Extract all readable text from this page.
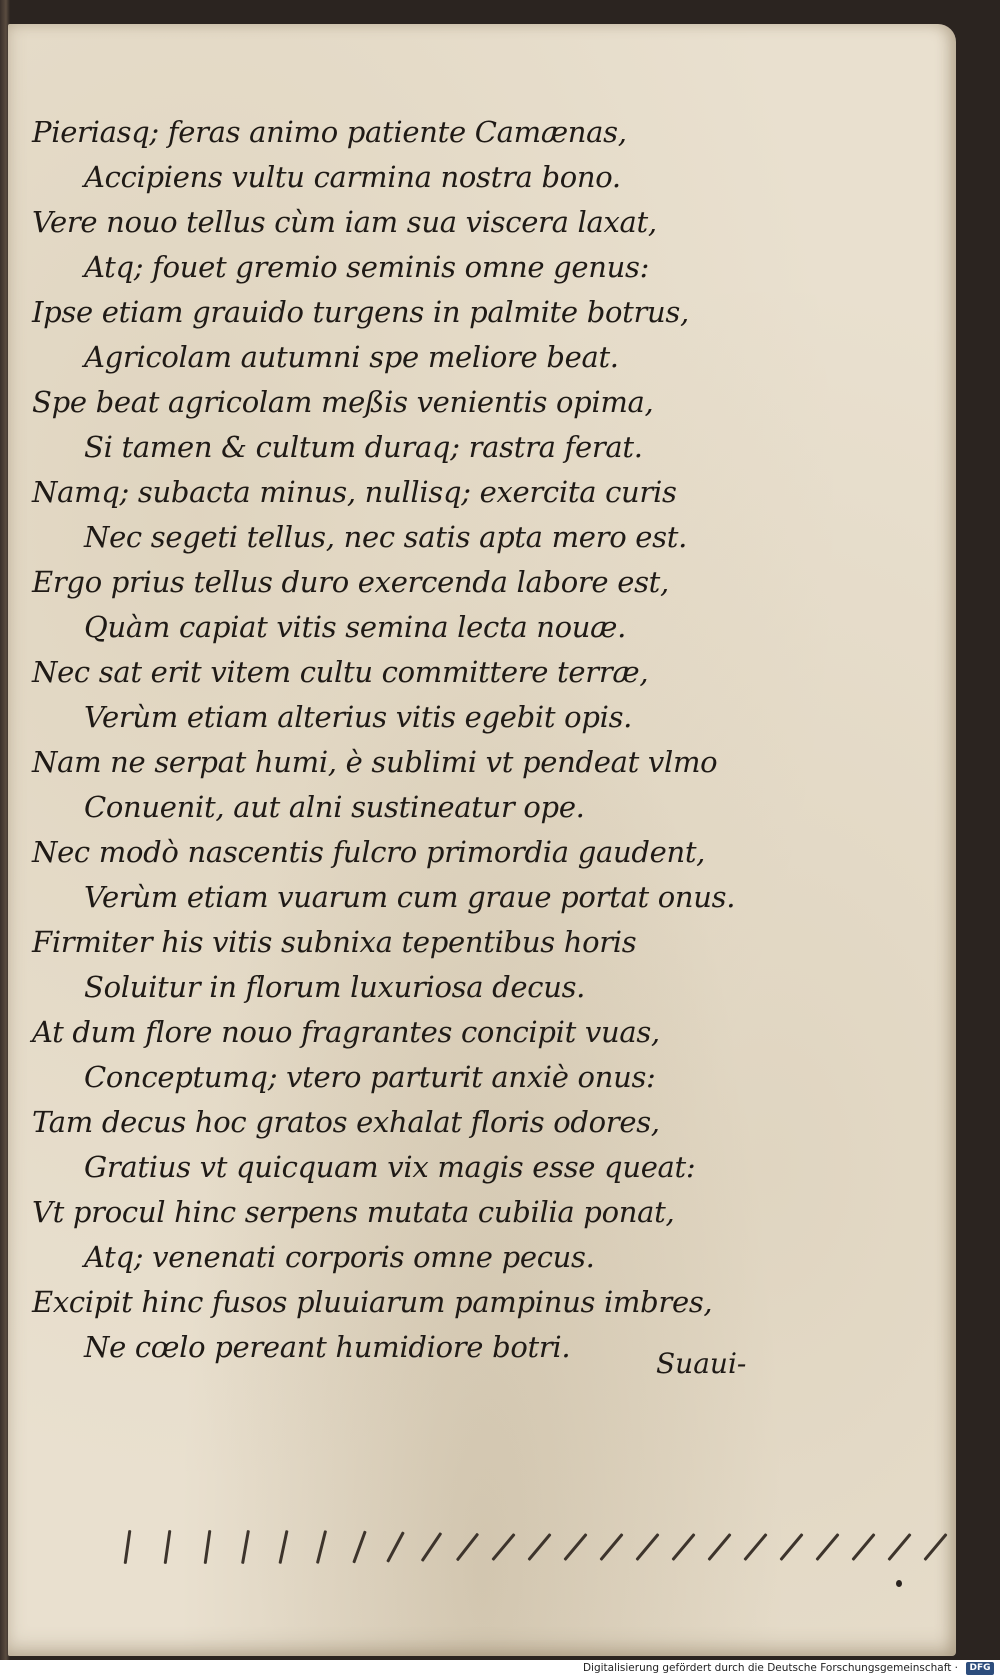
Pieriasq; feras animo patiente Camænas,
Accipiens vultu carmina nostra bono.
Vere nouo tellus cùm iam sua viscera laxat,
Atq; fouet gremio seminis omne genus:
Ipse etiam grauido turgens in palmite botrus,
Agricolam autumni spe meliore beat.
Spe beat agricolam meßis venientis opima,
Si tamen & cultum duraq; rastra ferat.
Namq; subacta minus, nullisq; exercita curis
Nec segeti tellus, nec satis apta mero est.
Ergo prius tellus duro exercenda labore est,
Quàm capiat vitis semina lecta nouæ.
Nec sat erit vitem cultu committere terræ,
Verùm etiam alterius vitis egebit opis.
Nam ne serpat humi, è sublimi vt pendeat vlmo
Conuenit, aut alni sustineatur ope.
Nec modò nascentis fulcro primordia gaudent,
Verùm etiam vuarum cum graue portat onus.
Firmiter his vitis subnixa tepentibus horis
Soluitur in florum luxuriosa decus.
At dum flore nouo fragrantes concipit vuas,
Conceptumq; vtero parturit anxiè onus:
Tam decus hoc gratos exhalat floris odores,
Gratius vt quicquam vix magis esse queat:
Vt procul hinc serpens mutata cubilia ponat,
Atq; venenati corporis omne pecus.
Excipit hinc fusos pluuiarum pampinus imbres,
Ne cœlo pereant humidiore botri.	Suaui-
Digitalisierung gefördert durch die Deutsche Forschungsgemeinschaft ·	DFG
